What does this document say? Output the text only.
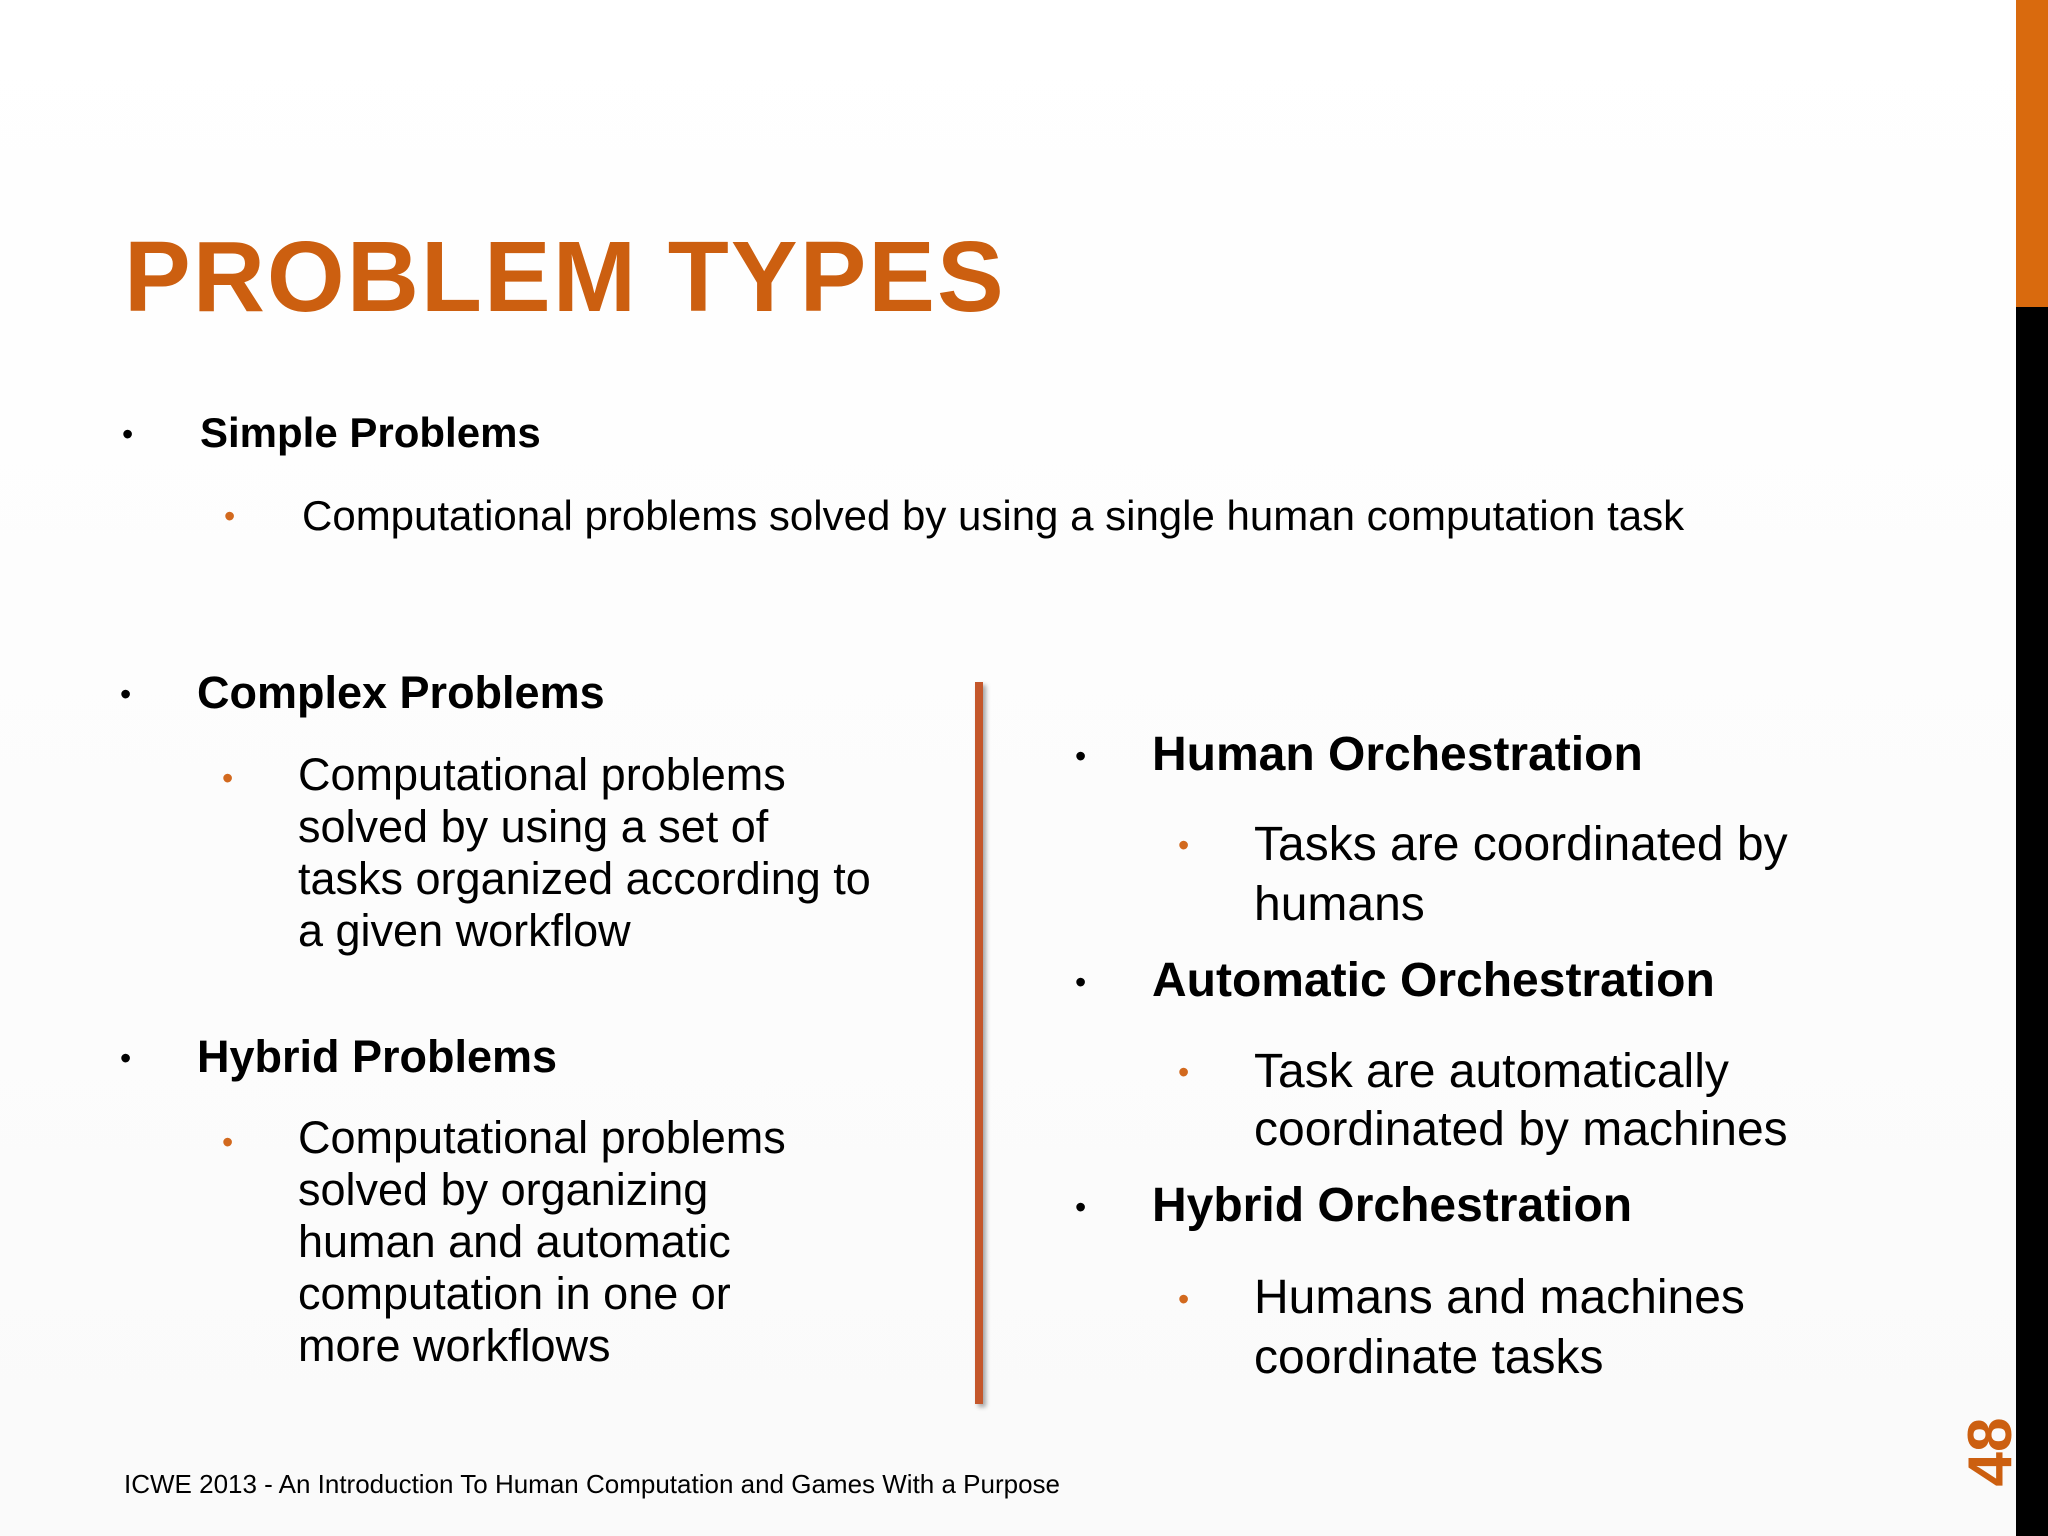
PROBLEM TYPES
• Simple Problems

• Computational problems solved by using a single human computation task

• Complex Problems

• Computational problems solved by using a set of tasks organized according to a given workflow

• Hybrid Problems

• Computational problems solved by organizing human and automatic computation in one or more workflows

• Human Orchestration

• Tasks are coordinated by humans

• Automatic Orchestration

• Task are automatically coordinated by machines

• Hybrid Orchestration

• Humans and machines coordinate tasks

ICWE 2013 - An Introduction To Human Computation and Games With a Purpose	48
